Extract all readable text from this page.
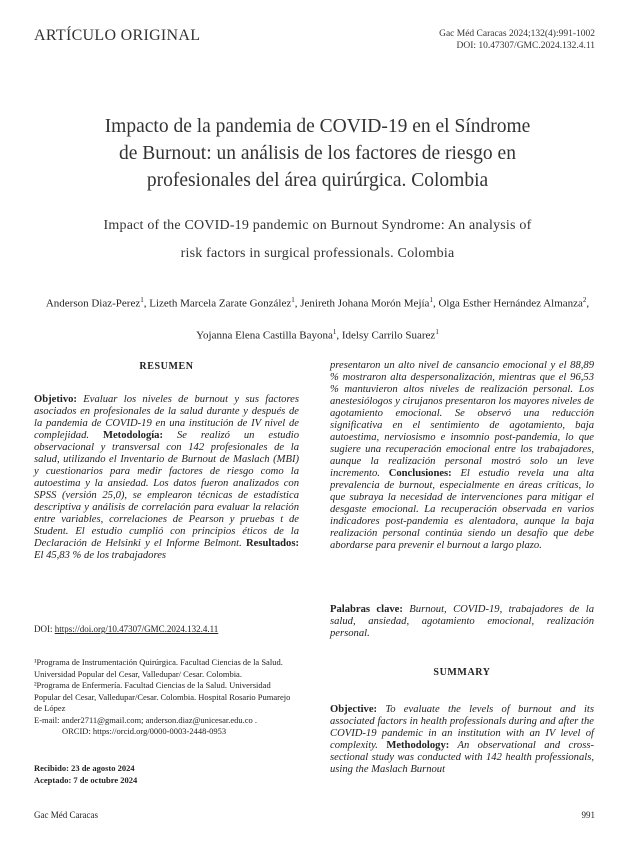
ARTÍCULO ORIGINAL	Gac Méd Caracas 2024;132(4):991-1002
DOI: 10.47307/GMC.2024.132.4.11
Impacto de la pandemia de COVID-19 en el Síndrome
de Burnout: un análisis de los factores de riesgo en
profesionales del área quirúrgica. Colombia
Impact of the COVID-19 pandemic on Burnout Syndrome: An analysis of
risk factors in surgical professionals. Colombia
Anderson Diaz-Perez$^1$, Lizeth Marcela Zarate González$^1$, Jenireth Johana Morón Mejía$^1$, Olga Esther Hernández Almanza$^2$, Yojanna Elena Castilla Bayona$^1$, Idelsy Carrilo Suarez$^1$
RESUMEN
Objetivo: Evaluar los niveles de burnout y sus factores asociados en profesionales de la salud durante y después de la pandemia de COVID-19 en una institución de IV nivel de complejidad. Metodología: Se realizó un estudio observacional y transversal con 142 profesionales de la salud, utilizando el Inventario de Burnout de Maslach (MBI) y cuestionarios para medir factores de riesgo como la autoestima y la ansiedad. Los datos fueron analizados con SPSS (versión 25,0), se emplearon técnicas de estadística descriptiva y análisis de correlación para evaluar la relación entre variables, correlaciones de Pearson y pruebas t de Student. El estudio cumplió con principios éticos de la Declaración de Helsinki y el Informe Belmont. Resultados: El 45,83 % de los trabajadores
DOI: https://doi.org/10.47307/GMC.2024.132.4.11
¹Programa de Instrumentación Quirúrgica. Facultad Ciencias de la Salud. Universidad Popular del Cesar, Valledupar/ Cesar. Colombia.
²Programa de Enfermería. Facultad Ciencias de la Salud. Universidad Popular del Cesar, Valledupar/Cesar. Colombia. Hospital Rosario Pumarejo de López
E-mail: ander2711@gmail.com; anderson.diaz@unicesar.edu.co .
ORCID: https://orcid.org/0000-0003-2448-0953
Recibido: 23 de agosto 2024
Aceptado: 7 de octubre 2024
presentaron un alto nivel de cansancio emocional y el 88,89 % mostraron alta despersonalización, mientras que el 96,53 % mantuvieron altos niveles de realización personal. Los anestesiólogos y cirujanos presentaron los mayores niveles de agotamiento emocional. Se observó una reducción significativa en el sentimiento de agotamiento, baja autoestima, nerviosismo e insomnio post-pandemia, lo que sugiere una recuperación emocional entre los trabajadores, aunque la realización personal mostró solo un leve incremento. Conclusiones: El estudio revela una alta prevalencia de burnout, especialmente en áreas críticas, lo que subraya la necesidad de intervenciones para mitigar el desgaste emocional. La recuperación observada en varios indicadores post-pandemia es alentadora, aunque la baja realización personal continúa siendo un desafío que debe abordarse para prevenir el burnout a largo plazo.
Palabras clave: Burnout, COVID-19, trabajadores de la salud, ansiedad, agotamiento emocional, realización personal.
SUMMARY
Objective: To evaluate the levels of burnout and its associated factors in health professionals during and after the COVID-19 pandemic in an institution with an IV level of complexity. Methodology: An observational and cross-sectional study was conducted with 142 health professionals, using the Maslach Burnout
Gac Méd Caracas	991
